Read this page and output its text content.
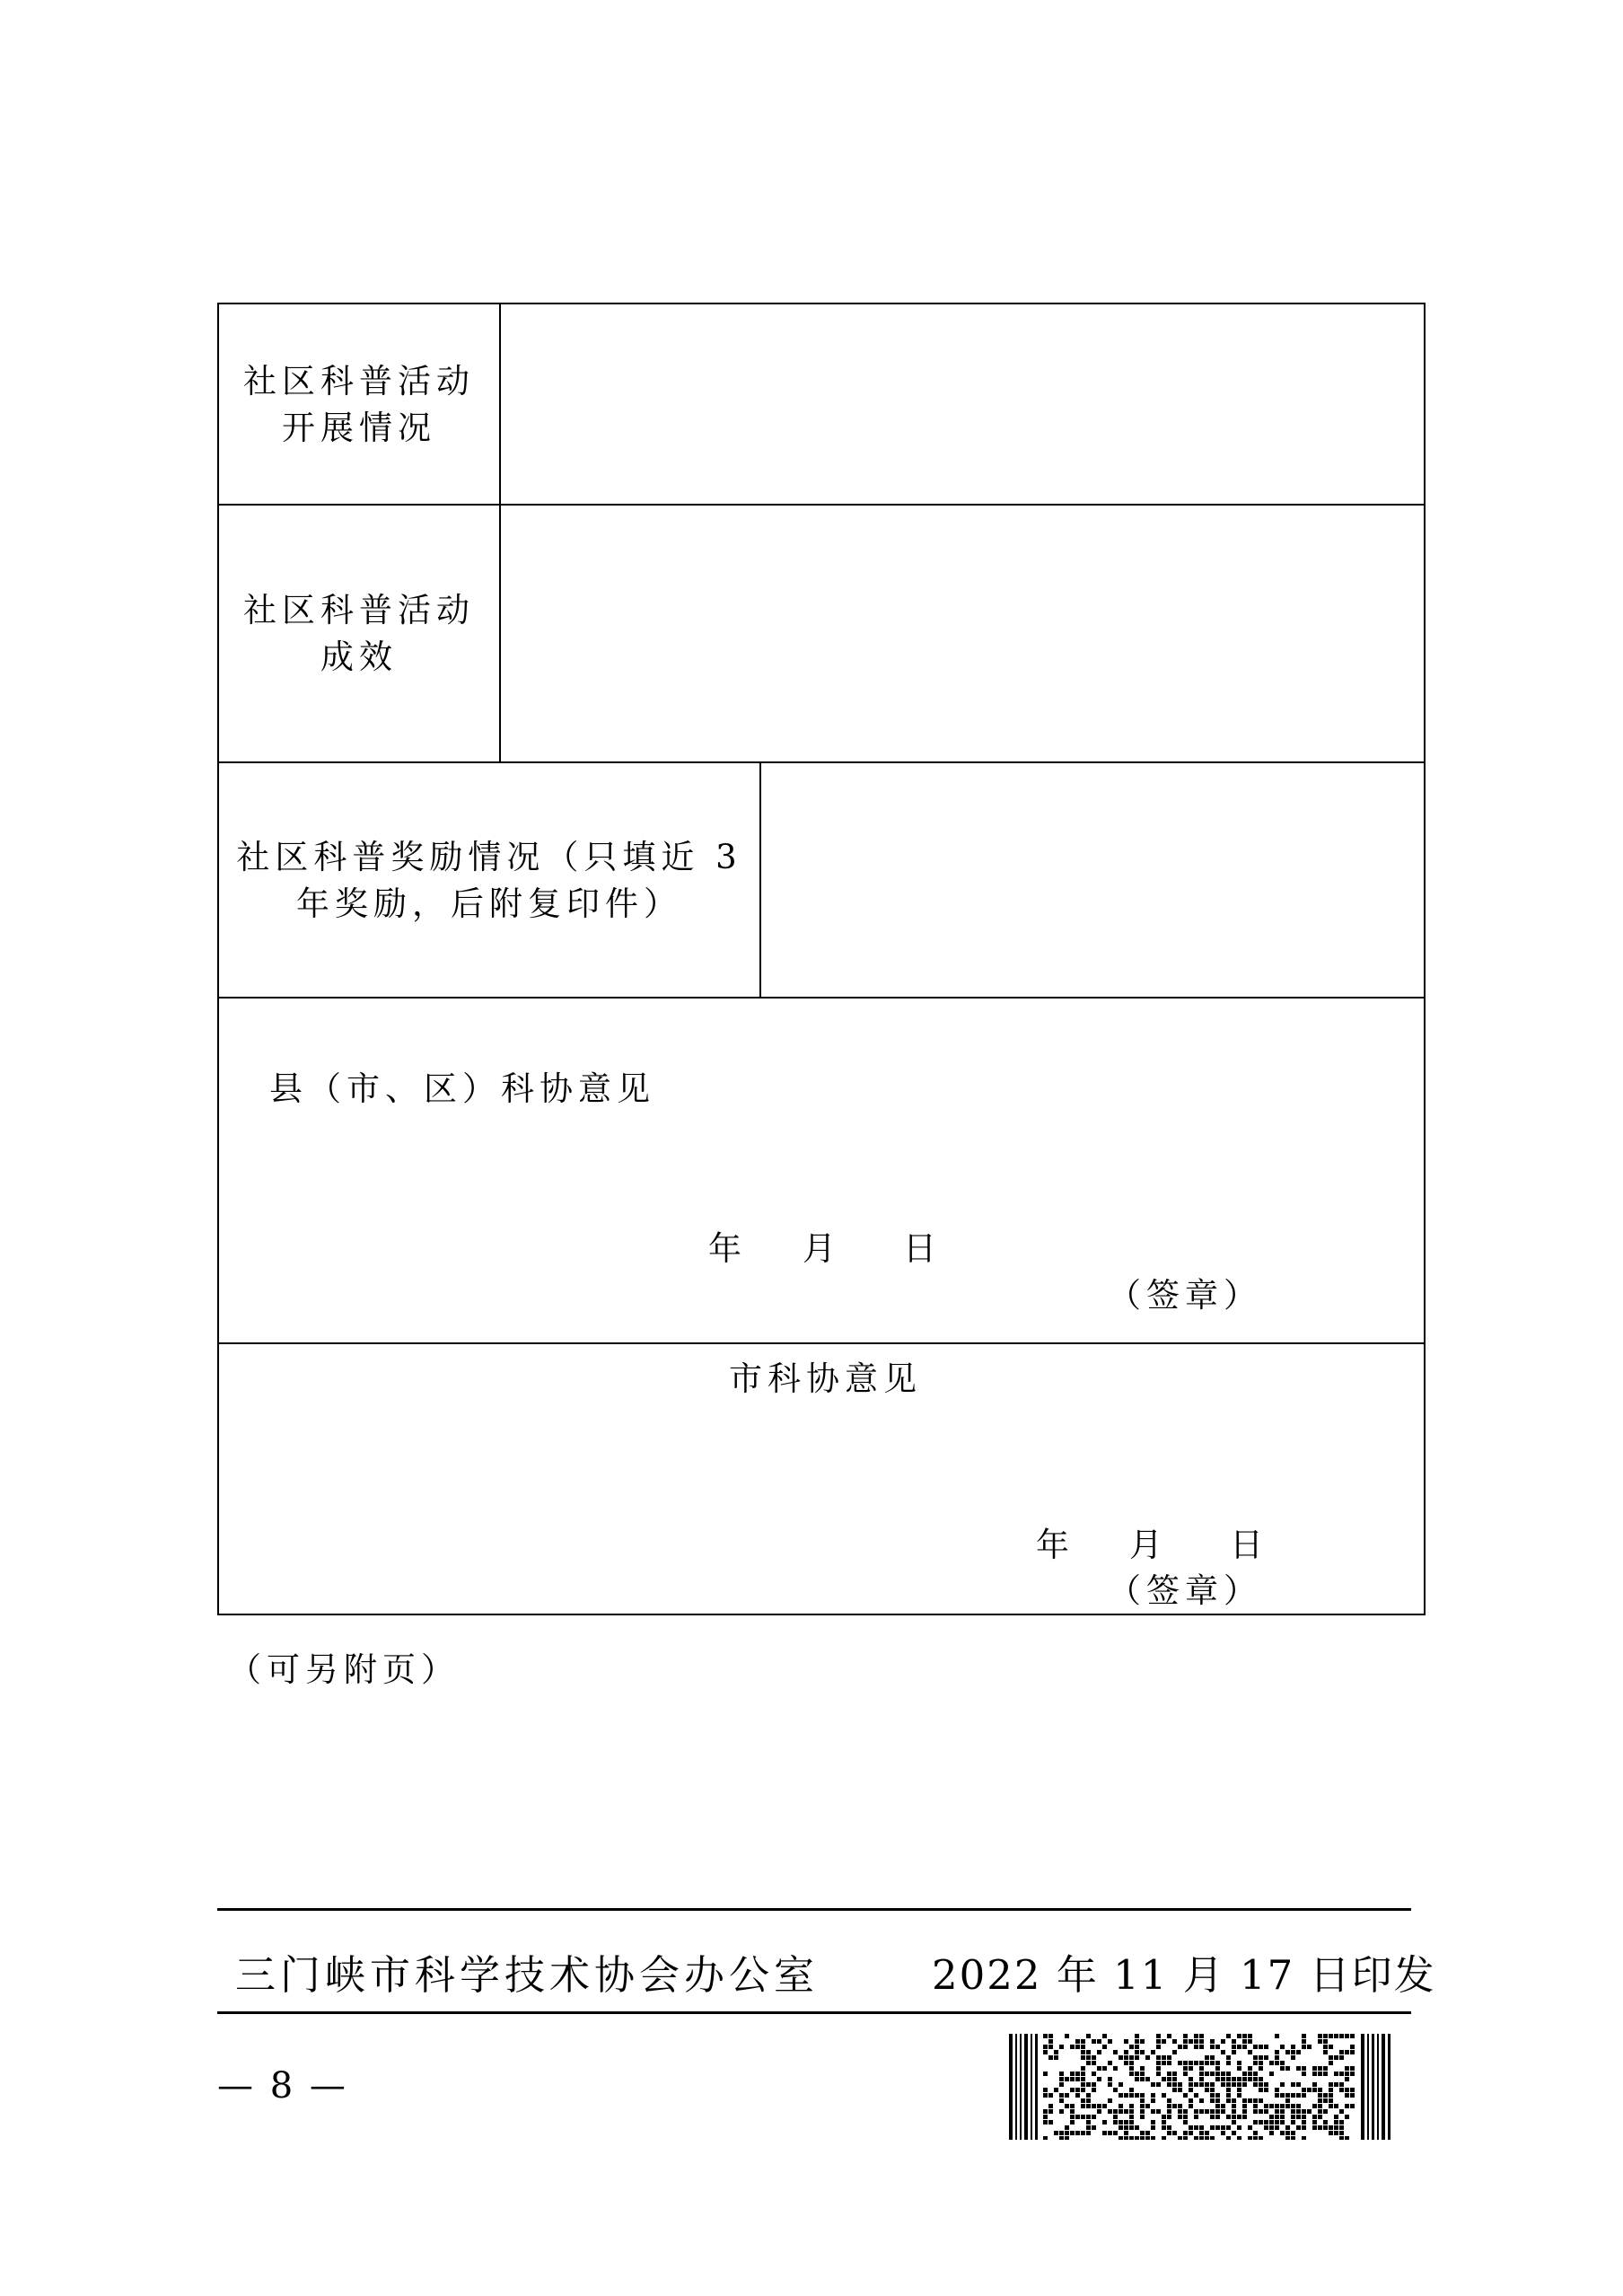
社区科普活动
开展情况
社区科普活动
成效
社区科普奖励情况（只填近 3
年奖励，后附复印件）
县（市、区）科协意见
年 月 日
（签章）
市科协意见
年 月 日
（签章）
（可另附页）
三门峡市科学技术协会办公室	2022 年 11 月 17 日印发
— 8 —
